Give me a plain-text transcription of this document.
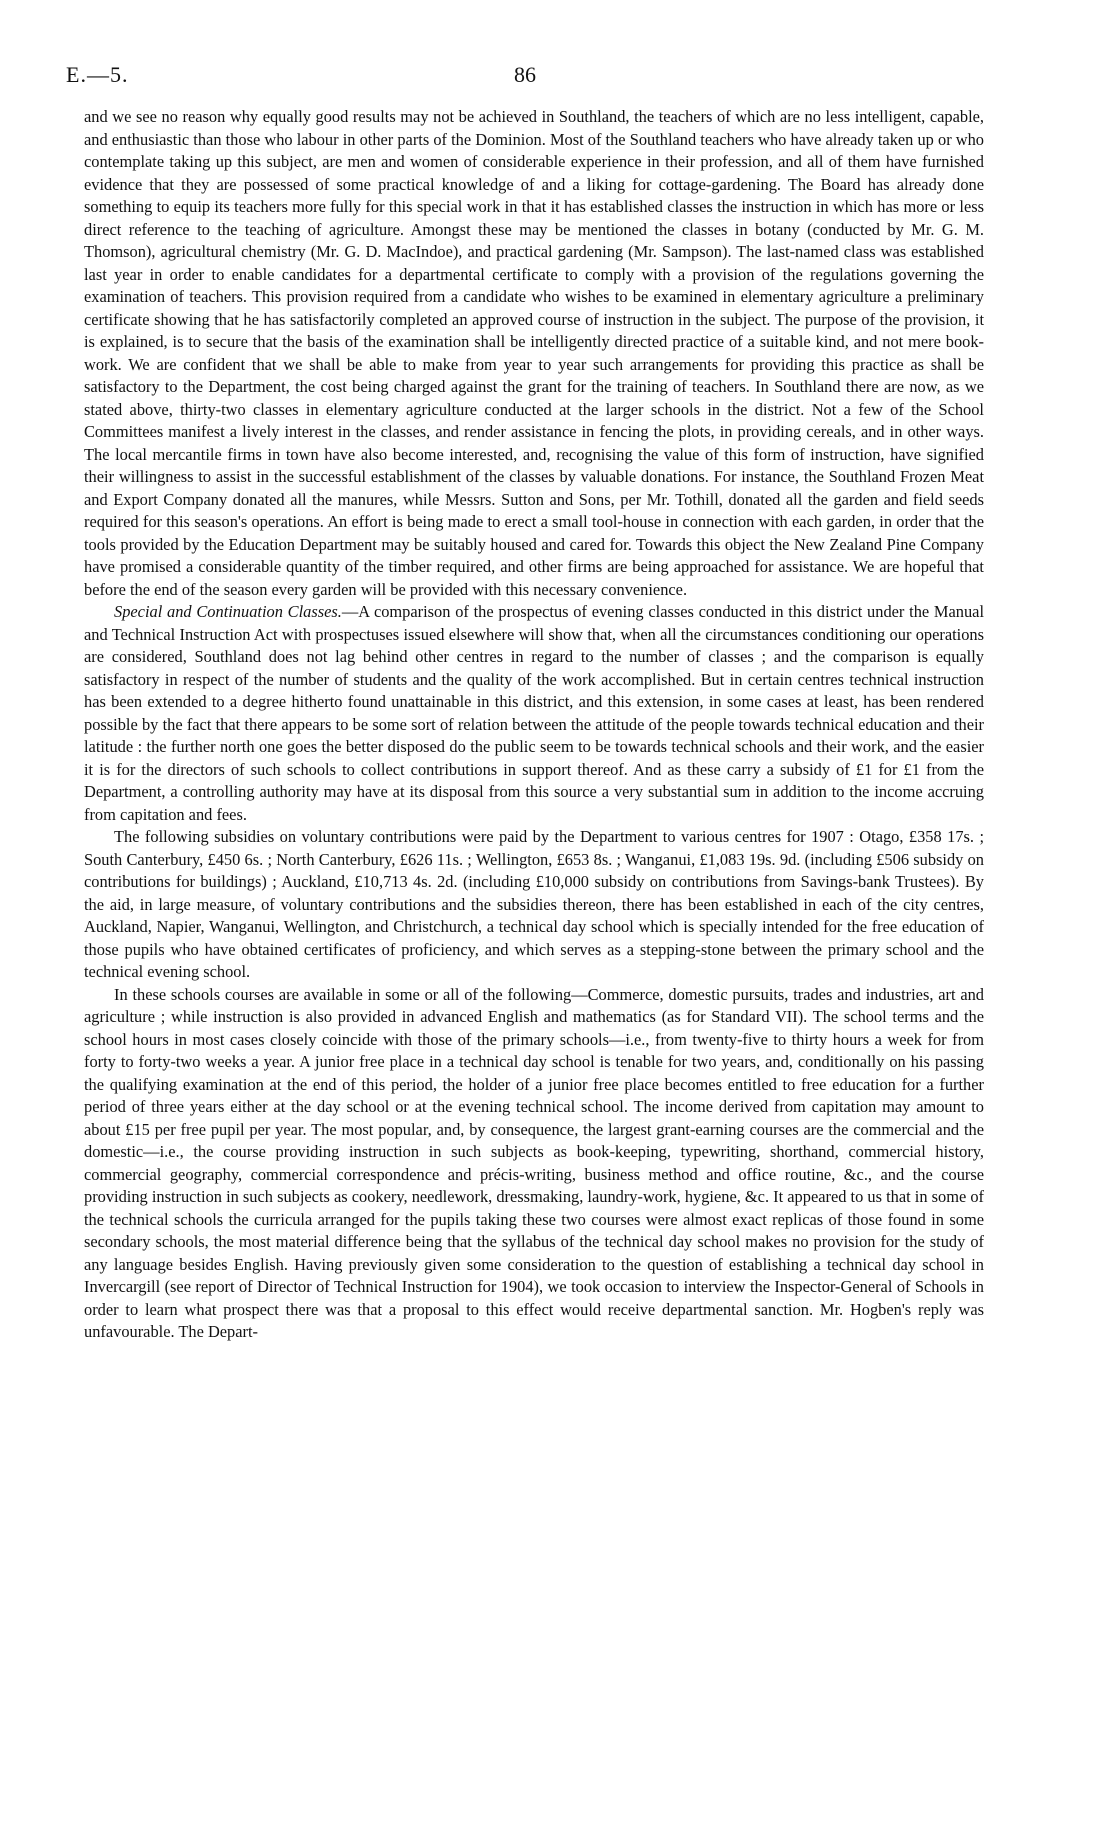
E.—5.	86

and we see no reason why equally good results may not be achieved in Southland, the teachers of which are no less intelligent, capable, and enthusiastic than those who labour in other parts of the Dominion. Most of the Southland teachers who have already taken up or who contemplate taking up this subject, are men and women of considerable experience in their profession, and all of them have furnished evidence that they are possessed of some practical knowledge of and a liking for cottage-gardening. The Board has already done something to equip its teachers more fully for this special work in that it has established classes the instruction in which has more or less direct reference to the teaching of agriculture. Amongst these may be mentioned the classes in botany (conducted by Mr. G. M. Thomson), agricultural chemistry (Mr. G. D. MacIndoe), and practical gardening (Mr. Sampson). The last-named class was established last year in order to enable candidates for a departmental certificate to comply with a provision of the regulations governing the examination of teachers. This provision required from a candidate who wishes to be examined in elementary agriculture a preliminary certificate showing that he has satisfactorily completed an approved course of instruction in the subject. The purpose of the provision, it is explained, is to secure that the basis of the examination shall be intelligently directed practice of a suitable kind, and not mere book-work. We are confident that we shall be able to make from year to year such arrangements for providing this practice as shall be satisfactory to the Department, the cost being charged against the grant for the training of teachers. In Southland there are now, as we stated above, thirty-two classes in elementary agriculture conducted at the larger schools in the district. Not a few of the School Committees manifest a lively interest in the classes, and render assistance in fencing the plots, in providing cereals, and in other ways. The local mercantile firms in town have also become interested, and, recognising the value of this form of instruction, have signified their willingness to assist in the successful establishment of the classes by valuable donations. For instance, the Southland Frozen Meat and Export Company donated all the manures, while Messrs. Sutton and Sons, per Mr. Tothill, donated all the garden and field seeds required for this season's operations. An effort is being made to erect a small tool-house in connection with each garden, in order that the tools provided by the Education Department may be suitably housed and cared for. Towards this object the New Zealand Pine Company have promised a considerable quantity of the timber required, and other firms are being approached for assistance. We are hopeful that before the end of the season every garden will be provided with this necessary convenience.

Special and Continuation Classes.—A comparison of the prospectus of evening classes conducted in this district under the Manual and Technical Instruction Act with prospectuses issued elsewhere will show that, when all the circumstances conditioning our operations are considered, Southland does not lag behind other centres in regard to the number of classes ; and the comparison is equally satisfactory in respect of the number of students and the quality of the work accomplished. But in certain centres technical instruction has been extended to a degree hitherto found unattainable in this district, and this extension, in some cases at least, has been rendered possible by the fact that there appears to be some sort of relation between the attitude of the people towards technical education and their latitude : the further north one goes the better disposed do the public seem to be towards technical schools and their work, and the easier it is for the directors of such schools to collect contributions in support thereof. And as these carry a subsidy of £1 for £1 from the Department, a controlling authority may have at its disposal from this source a very substantial sum in addition to the income accruing from capitation and fees.

The following subsidies on voluntary contributions were paid by the Department to various centres for 1907 : Otago, £358 17s. ; South Canterbury, £450 6s. ; North Canterbury, £626 11s. ; Wellington, £653 8s. ; Wanganui, £1,083 19s. 9d. (including £506 subsidy on contributions for buildings) ; Auckland, £10,713 4s. 2d. (including £10,000 subsidy on contributions from Savings-bank Trustees). By the aid, in large measure, of voluntary contributions and the subsidies thereon, there has been established in each of the city centres, Auckland, Napier, Wanganui, Wellington, and Christchurch, a technical day school which is specially intended for the free education of those pupils who have obtained certificates of proficiency, and which serves as a stepping-stone between the primary school and the technical evening school.

In these schools courses are available in some or all of the following—Commerce, domestic pursuits, trades and industries, art and agriculture ; while instruction is also provided in advanced English and mathematics (as for Standard VII). The school terms and the school hours in most cases closely coincide with those of the primary schools—i.e., from twenty-five to thirty hours a week for from forty to forty-two weeks a year. A junior free place in a technical day school is tenable for two years, and, conditionally on his passing the qualifying examination at the end of this period, the holder of a junior free place becomes entitled to free education for a further period of three years either at the day school or at the evening technical school. The income derived from capitation may amount to about £15 per free pupil per year. The most popular, and, by consequence, the largest grant-earning courses are the commercial and the domestic—i.e., the course providing instruction in such subjects as book-keeping, typewriting, shorthand, commercial history, commercial geography, commercial correspondence and précis-writing, business method and office routine, &c., and the course providing instruction in such subjects as cookery, needlework, dressmaking, laundry-work, hygiene, &c. It appeared to us that in some of the technical schools the curricula arranged for the pupils taking these two courses were almost exact replicas of those found in some secondary schools, the most material difference being that the syllabus of the technical day school makes no provision for the study of any language besides English. Having previously given some consideration to the question of establishing a technical day school in Invercargill (see report of Director of Technical Instruction for 1904), we took occasion to interview the Inspector-General of Schools in order to learn what prospect there was that a proposal to this effect would receive departmental sanction. Mr. Hogben's reply was unfavourable. The Depart-
